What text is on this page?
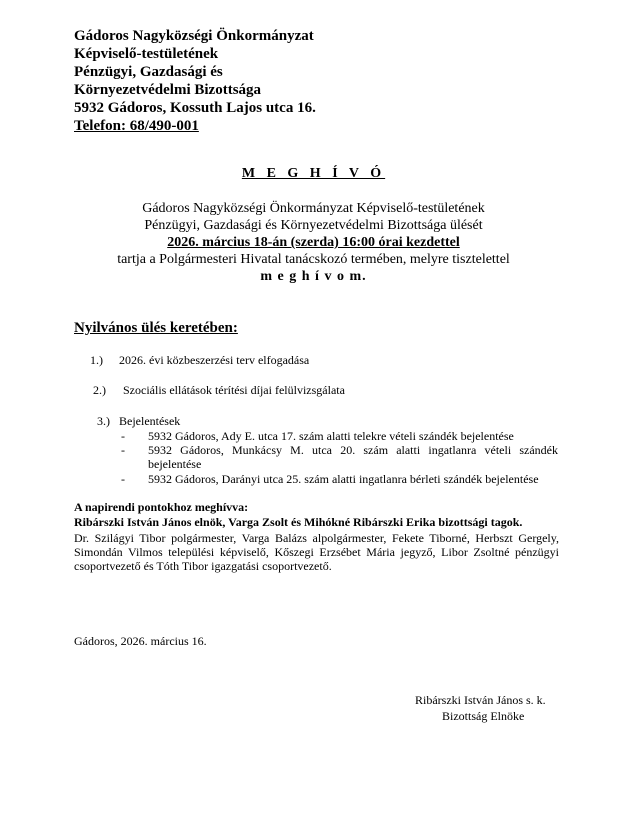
Gádoros Nagyközségi Önkormányzat
Képviselő-testületének
Pénzügyi, Gazdasági és
Környezetvédelmi Bizottsága
5932 Gádoros, Kossuth Lajos utca 16.
Telefon: 68/490-001
M E G H Í V Ó
Gádoros Nagyközségi Önkormányzat Képviselő-testületének
Pénzügyi, Gazdasági és Környezetvédelmi Bizottsága ülését
2026. március 18-án (szerda) 16:00 órai kezdettel
tartja a Polgármesteri Hivatal tanácskozó termében, melyre tisztelettel
m e g h í v o m.
Nyilvános ülés keretében:
1.) 2026. évi közbeszerzési terv elfogadása
2.) Szociális ellátások térítési díjai felülvizsgálata
3.) Bejelentések
- 5932 Gádoros, Ady E. utca 17. szám alatti telekre vételi szándék bejelentése
- 5932 Gádoros, Munkácsy M. utca 20. szám alatti ingatlanra vételi szándék
bejelentése
- 5932 Gádoros, Darányi utca 25. szám alatti ingatlanra bérleti szándék bejelentése
A napirendi pontokhoz meghívva:
Ribárszki István János elnök, Varga Zsolt és Mihókné Ribárszki Erika bizottsági tagok.
Dr. Szilágyi Tibor polgármester, Varga Balázs alpolgármester, Fekete Tiborné, Herbszt Gergely, Simondán Vilmos települési képviselő, Kőszegi Erzsébet Mária jegyző, Libor Zsoltné pénzügyi csoportvezető és Tóth Tibor igazgatási csoportvezető.
Gádoros, 2026. március 16.
Ribárszki István János s. k.
Bizottság Elnöke
